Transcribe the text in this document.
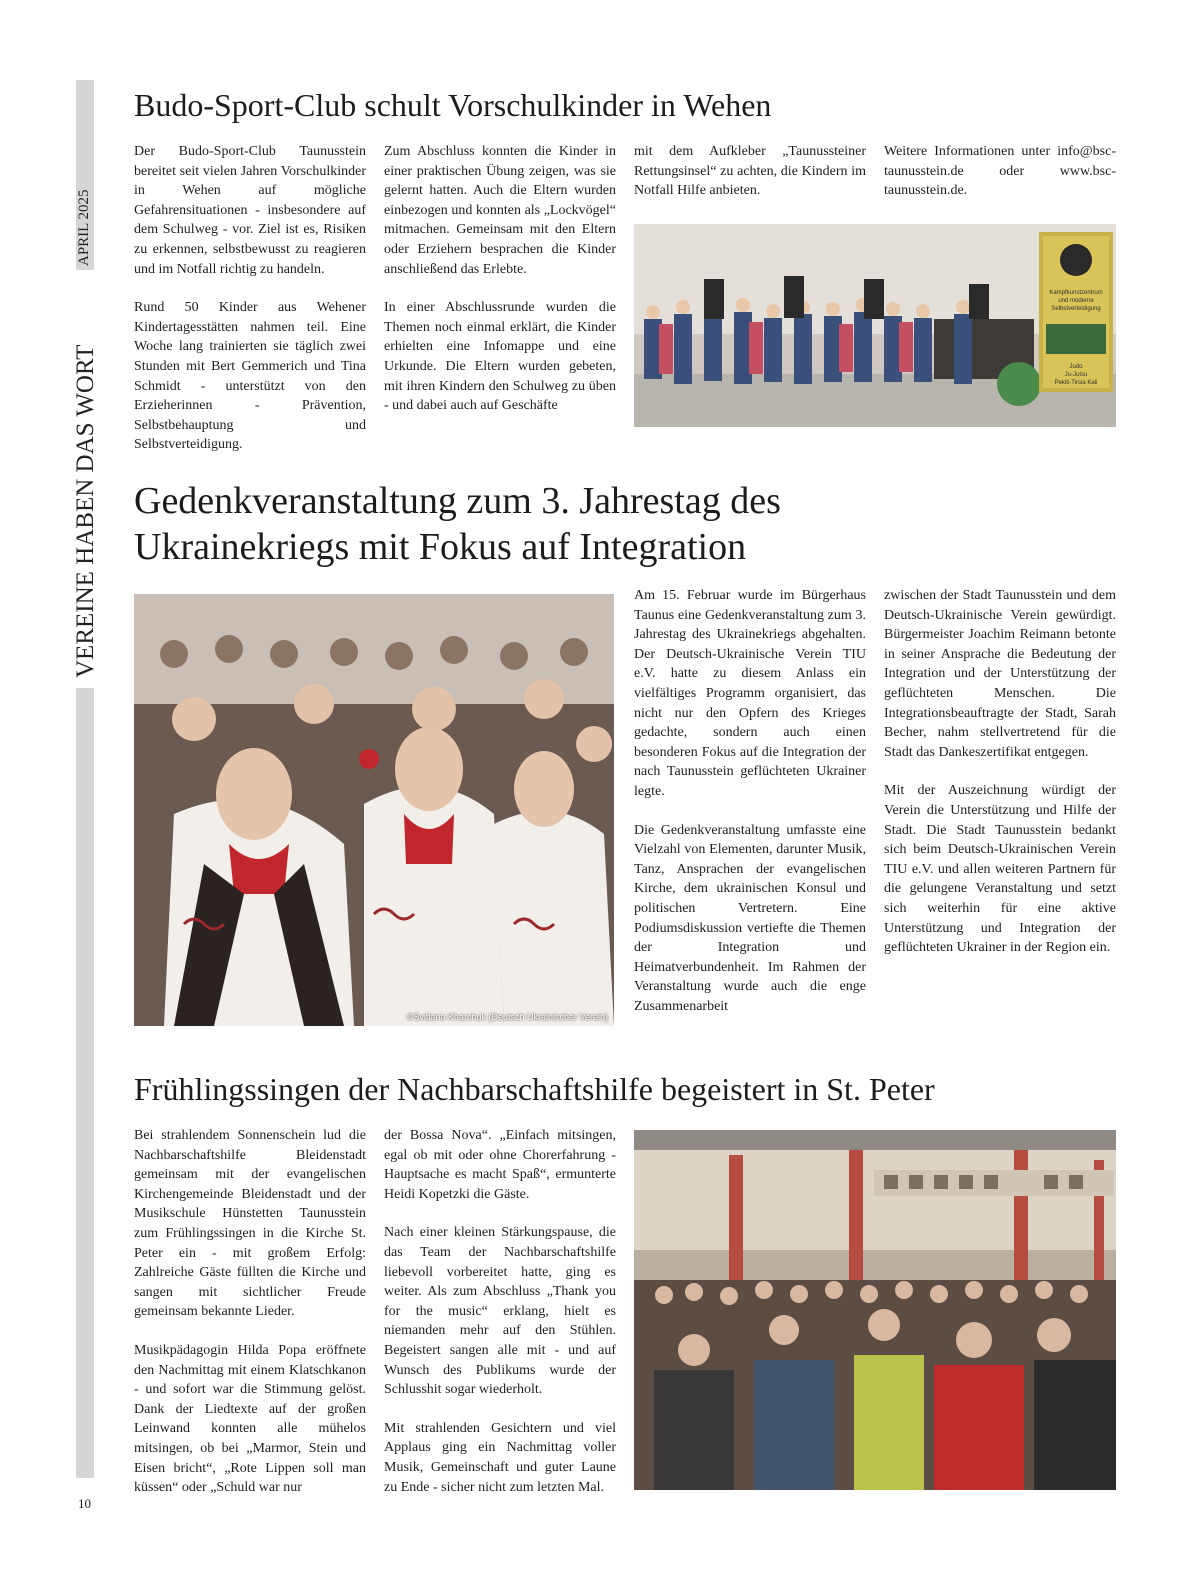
APRIL 2025
VEREINE HABEN DAS WORT
10
Budo-Sport-Club schult Vorschulkinder in Wehen

Der Budo-Sport-Club Taunusstein bereitet seit vielen Jahren Vorschulkinder in Wehen auf mögliche Gefahrensituationen - insbesondere auf dem Schulweg - vor. Ziel ist es, Risiken zu erkennen, selbstbewusst zu reagieren und im Notfall richtig zu handeln.

Rund 50 Kinder aus Wehener Kindertagesstätten nahmen teil. Eine Woche lang trainierten sie täglich zwei Stunden mit Bert Gemmerich und Tina Schmidt - unterstützt von den Erzieherinnen - Prävention, Selbstbehauptung und Selbstverteidigung.

Zum Abschluss konnten die Kinder in einer praktischen Übung zeigen, was sie gelernt hatten. Auch die Eltern wurden einbezogen und konnten als „Lockvögel“ mitmachen. Gemeinsam mit den Eltern oder Erziehern besprachen die Kinder anschließend das Erlebte.

In einer Abschlussrunde wurden die Themen noch einmal erklärt, die Kinder erhielten eine Infomappe und eine Urkunde. Die Eltern wurden gebeten, mit ihren Kindern den Schulweg zu üben - und dabei auch auf Geschäfte

mit dem Aufkleber „Taunussteiner Rettungsinsel“ zu achten, die Kindern im Notfall Hilfe anbieten.

Weitere Informationen unter info@bsc-taunusstein.de oder www.bsc-taunusstein.de.

Kampfkunstzentrum
und moderne
Selbstverteidigung
Judo
Ju-Jutsu
Pekiti-Tirsia Kali
Gedenkveranstaltung zum 3. Jahrestag des
Ukrainekriegs mit Fokus auf Integration
©Svitlana Kharchuk (Deutsch Ukrainischer Verein)

Am 15. Februar wurde im Bürgerhaus Taunus eine Gedenkveranstaltung zum 3. Jahrestag des Ukrainekriegs abgehalten. Der Deutsch-Ukrainische Verein TIU e.V. hatte zu diesem Anlass ein vielfältiges Programm organisiert, das nicht nur den Opfern des Krieges gedachte, sondern auch einen besonderen Fokus auf die Integration der nach Taunusstein geflüchteten Ukrainer legte.

Die Gedenkveranstaltung umfasste eine Vielzahl von Elementen, darunter Musik, Tanz, Ansprachen der evangelischen Kirche, dem ukrainischen Konsul und politischen Vertretern. Eine Podiumsdiskussion vertiefte die Themen der Integration und Heimatverbundenheit. Im Rahmen der Veranstaltung wurde auch die enge Zusammenarbeit

zwischen der Stadt Taunusstein und dem Deutsch-Ukrainische Verein gewürdigt. Bürgermeister Joachim Reimann betonte in seiner Ansprache die Bedeutung der Integration und der Unterstützung der geflüchteten Menschen. Die Integrationsbeauftragte der Stadt, Sarah Becher, nahm stellvertretend für die Stadt das Dankeszertifikat entgegen.

Mit der Auszeichnung würdigt der Verein die Unterstützung und Hilfe der Stadt. Die Stadt Taunusstein bedankt sich beim Deutsch-Ukrainischen Verein TIU e.V. und allen weiteren Partnern für die gelungene Veranstaltung und setzt sich weiterhin für eine aktive Unterstützung und Integration der geflüchteten Ukrainer in der Region ein.

Frühlingssingen der Nachbarschaftshilfe begeistert in St. Peter

Bei strahlendem Sonnenschein lud die Nachbarschaftshilfe Bleidenstadt gemeinsam mit der evangelischen Kirchengemeinde Bleidenstadt und der Musikschule Hünstetten Taunusstein zum Frühlingssingen in die Kirche St. Peter ein - mit großem Erfolg: Zahlreiche Gäste füllten die Kirche und sangen mit sichtlicher Freude gemeinsam bekannte Lieder.

Musikpädagogin Hilda Popa eröffnete den Nachmittag mit einem Klatschkanon - und sofort war die Stimmung gelöst. Dank der Liedtexte auf der großen Leinwand konnten alle mühelos mitsingen, ob bei „Marmor, Stein und Eisen bricht“, „Rote Lippen soll man küssen“ oder „Schuld war nur

der Bossa Nova“. „Einfach mitsingen, egal ob mit oder ohne Chorerfahrung - Hauptsache es macht Spaß“, ermunterte Heidi Kopetzki die Gäste.

Nach einer kleinen Stärkungspause, die das Team der Nachbarschaftshilfe liebevoll vorbereitet hatte, ging es weiter. Als zum Abschluss „Thank you for the music“ erklang, hielt es niemanden mehr auf den Stühlen. Begeistert sangen alle mit - und auf Wunsch des Publikums wurde der Schlusshit sogar wiederholt.

Mit strahlenden Gesichtern und viel Applaus ging ein Nachmittag voller Musik, Gemeinschaft und guter Laune zu Ende - sicher nicht zum letzten Mal.
